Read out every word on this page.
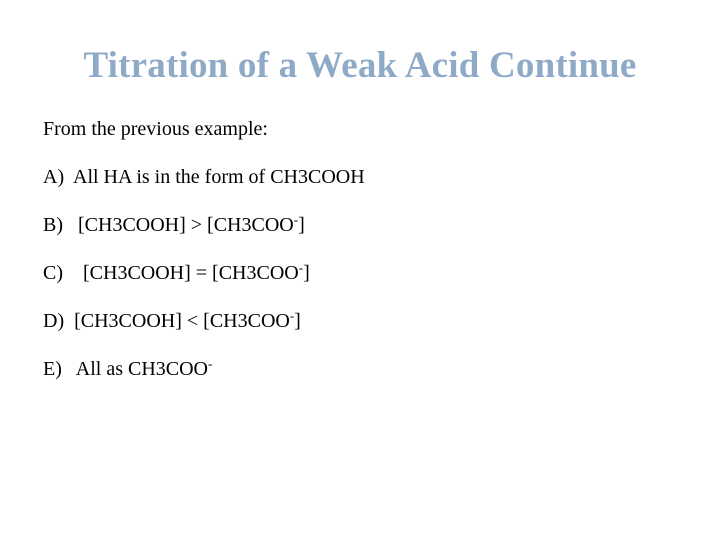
Titration of a Weak Acid Continue
From the previous example:
A)  All HA is in the form of CH3COOH
B)   [CH3COOH] > [CH3COO-]
C)    [CH3COOH] = [CH3COO-]
D)  [CH3COOH] < [CH3COO-]
E)   All as CH3COO-
